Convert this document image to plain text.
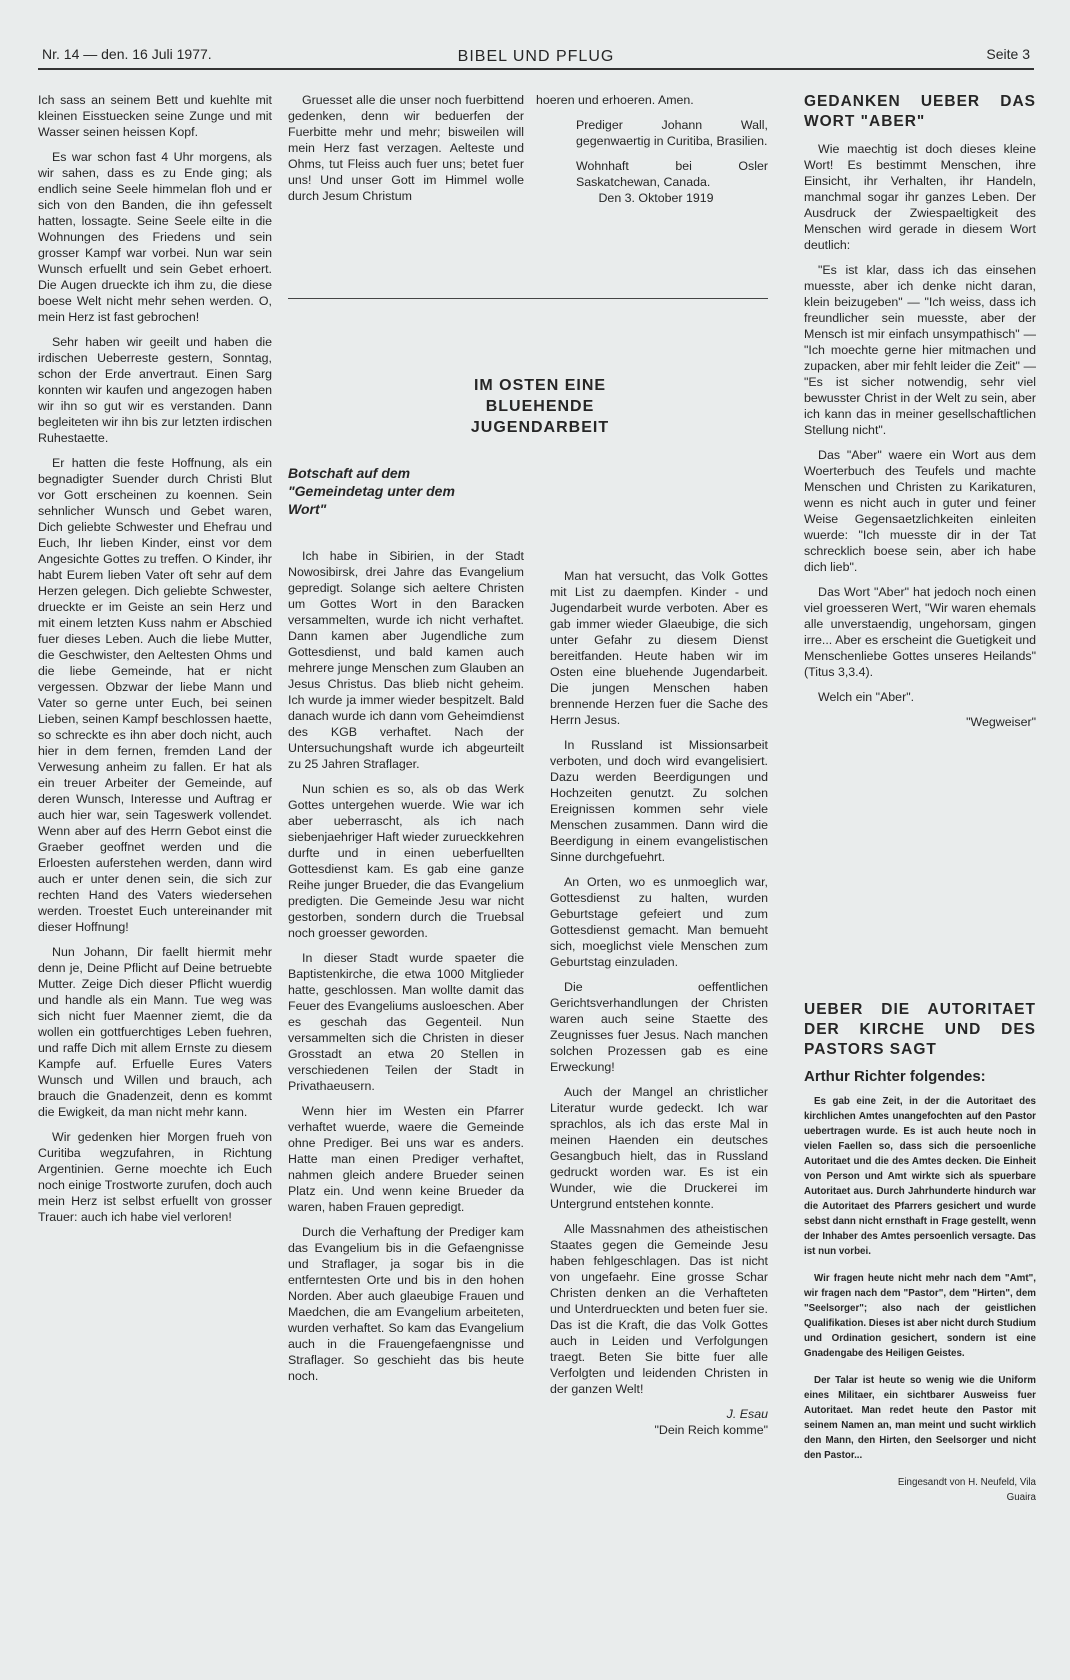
Nr. 14 — den. 16 Juli 1977.	BIBEL UND PFLUG	Seite 3

Ich sass an seinem Bett und kuehlte mit kleinen Eisstuecken seine Zunge und mit Wasser seinen heissen Kopf.

Es war schon fast 4 Uhr morgens, als wir sahen, dass es zu Ende ging; als endlich seine Seele himmelan floh und er sich von den Banden, die ihn gefesselt hatten, lossagte. Seine Seele eilte in die Wohnungen des Friedens und sein grosser Kampf war vorbei. Nun war sein Wunsch erfuellt und sein Gebet erhoert. Die Augen drueckte ich ihm zu, die diese boese Welt nicht mehr sehen werden. O, mein Herz ist fast gebrochen!

Sehr haben wir geeilt und haben die irdischen Ueberreste gestern, Sonntag, schon der Erde anvertraut. Einen Sarg konnten wir kaufen und angezogen haben wir ihn so gut wir es verstanden. Dann begleiteten wir ihn bis zur letzten irdischen Ruhestaette.

Er hatten die feste Hoffnung, als ein begnadigter Suender durch Christi Blut vor Gott erscheinen zu koennen. Sein sehnlicher Wunsch und Gebet waren, Dich geliebte Schwester und Ehefrau und Euch, Ihr lieben Kinder, einst vor dem Angesichte Gottes zu treffen. O Kinder, ihr habt Eurem lieben Vater oft sehr auf dem Herzen gelegen. Dich geliebte Schwester, drueckte er im Geiste an sein Herz und mit einem letzten Kuss nahm er Abschied fuer dieses Leben. Auch die liebe Mutter, die Geschwister, den Aeltesten Ohms und die liebe Gemeinde, hat er nicht vergessen. Obzwar der liebe Mann und Vater so gerne unter Euch, bei seinen Lieben, seinen Kampf beschlossen haette, so schreckte es ihn aber doch nicht, auch hier in dem fernen, fremden Land der Verwesung anheim zu fallen. Er hat als ein treuer Arbeiter der Gemeinde, auf deren Wunsch, Interesse und Auftrag er auch hier war, sein Tageswerk vollendet. Wenn aber auf des Herrn Gebot einst die Graeber geoffnet werden und die Erloesten auferstehen werden, dann wird auch er unter denen sein, die sich zur rechten Hand des Vaters wiedersehen werden. Troestet Euch untereinander mit dieser Hoffnung!

Nun Johann, Dir faellt hiermit mehr denn je, Deine Pflicht auf Deine betruebte Mutter. Zeige Dich dieser Pflicht wuerdig und handle als ein Mann. Tue weg was sich nicht fuer Maenner ziemt, die da wollen ein gottfuerchtiges Leben fuehren, und raffe Dich mit allem Ernste zu diesem Kampfe auf. Erfuelle Eures Vaters Wunsch und Willen und brauch, ach brauch die Gnadenzeit, denn es kommt die Ewigkeit, da man nicht mehr kann.

Wir gedenken hier Morgen frueh von Curitiba wegzufahren, in Richtung Argentinien. Gerne moechte ich Euch noch einige Trostworte zurufen, doch auch mein Herz ist selbst erfuellt von grosser Trauer: auch ich habe viel verloren!

Gruesset alle die unser noch fuerbittend gedenken, denn wir beduerfen der Fuerbitte mehr und mehr; bisweilen will mein Herz fast verzagen. Aelteste und Ohms, tut Fleiss auch fuer uns; betet fuer uns! Und unser Gott im Himmel wolle durch Jesum Christum

hoeren und erhoeren. Amen.

Prediger Johann Wall, gegenwaertig in Curitiba, Brasilien.

Wohnhaft bei Osler Saskatchewan, Canada.

Den 3. Oktober 1919

IM OSTEN EINE BLUEHENDE JUGENDARBEIT
Botschaft auf dem "Gemeindetag unter dem Wort"

Ich habe in Sibirien, in der Stadt Nowosibirsk, drei Jahre das Evangelium gepredigt. Solange sich aeltere Christen um Gottes Wort in den Baracken versammelten, wurde ich nicht verhaftet. Dann kamen aber Jugendliche zum Gottesdienst, und bald kamen auch mehrere junge Menschen zum Glauben an Jesus Christus. Das blieb nicht geheim. Ich wurde ja immer wieder bespitzelt. Bald danach wurde ich dann vom Geheimdienst des KGB verhaftet. Nach der Untersuchungshaft wurde ich abgeurteilt zu 25 Jahren Straflager.

Nun schien es so, als ob das Werk Gottes untergehen wuerde. Wie war ich aber ueberrascht, als ich nach siebenjaehriger Haft wieder zurueckkehren durfte und in einen ueberfuellten Gottesdienst kam. Es gab eine ganze Reihe junger Brueder, die das Evangelium predigten. Die Gemeinde Jesu war nicht gestorben, sondern durch die Truebsal noch groesser geworden.

In dieser Stadt wurde spaeter die Baptistenkirche, die etwa 1000 Mitglieder hatte, geschlossen. Man wollte damit das Feuer des Evangeliums ausloeschen. Aber es geschah das Gegenteil. Nun versammelten sich die Christen in dieser Grosstadt an etwa 20 Stellen in verschiedenen Teilen der Stadt in Privathaeusern.

Wenn hier im Westen ein Pfarrer verhaftet wuerde, waere die Gemeinde ohne Prediger. Bei uns war es anders. Hatte man einen Prediger verhaftet, nahmen gleich andere Brueder seinen Platz ein. Und wenn keine Brueder da waren, haben Frauen gepredigt.

Durch die Verhaftung der Prediger kam das Evangelium bis in die Gefaengnisse und Straflager, ja sogar bis in die entferntesten Orte und bis in den hohen Norden. Aber auch glaeubige Frauen und Maedchen, die am Evangelium arbeiteten, wurden verhaftet. So kam das Evangelium auch in die Frauengefaengnisse und Straflager. So geschieht das bis heute noch.

Man hat versucht, das Volk Gottes mit List zu daempfen. Kinder - und Jugendarbeit wurde verboten. Aber es gab immer wieder Glaeubige, die sich unter Gefahr zu diesem Dienst bereitfanden. Heute haben wir im Osten eine bluehende Jugendarbeit. Die jungen Menschen haben brennende Herzen fuer die Sache des Herrn Jesus.

In Russland ist Missionsarbeit verboten, und doch wird evangelisiert. Dazu werden Beerdigungen und Hochzeiten genutzt. Zu solchen Ereignissen kommen sehr viele Menschen zusammen. Dann wird die Beerdigung in einem evangelistischen Sinne durchgefuehrt.

An Orten, wo es unmoeglich war, Gottesdienst zu halten, wurden Geburtstage gefeiert und zum Gottesdienst gemacht. Man bemueht sich, moeglichst viele Menschen zum Geburtstag einzuladen.

Die oeffentlichen Gerichtsverhandlungen der Christen waren auch seine Staette des Zeugnisses fuer Jesus. Nach manchen solchen Prozessen gab es eine Erweckung!

Auch der Mangel an christlicher Literatur wurde gedeckt. Ich war sprachlos, als ich das erste Mal in meinen Haenden ein deutsches Gesangbuch hielt, das in Russland gedruckt worden war. Es ist ein Wunder, wie die Druckerei im Untergrund entstehen konnte.

Alle Massnahmen des atheistischen Staates gegen die Gemeinde Jesu haben fehlgeschlagen. Das ist nicht von ungefaehr. Eine grosse Schar Christen denken an die Verhafteten und Unterdrueckten und beten fuer sie. Das ist die Kraft, die das Volk Gottes auch in Leiden und Verfolgungen traegt. Beten Sie bitte fuer alle Verfolgten und leidenden Christen in der ganzen Welt!

J. Esau

"Dein Reich komme"

GEDANKEN UEBER DAS WORT "ABER"

Wie maechtig ist doch dieses kleine Wort! Es bestimmt Menschen, ihre Einsicht, ihr Verhalten, ihr Handeln, manchmal sogar ihr ganzes Leben. Der Ausdruck der Zwiespaeltigkeit des Menschen wird gerade in diesem Wort deutlich:

"Es ist klar, dass ich das einsehen muesste, aber ich denke nicht daran, klein beizugeben" — "Ich weiss, dass ich freundlicher sein muesste, aber der Mensch ist mir einfach unsympathisch" — "Ich moechte gerne hier mitmachen und zupacken, aber mir fehlt leider die Zeit" — "Es ist sicher notwendig, sehr viel bewusster Christ in der Welt zu sein, aber ich kann das in meiner gesellschaftlichen Stellung nicht".

Das "Aber" waere ein Wort aus dem Woerterbuch des Teufels und machte Menschen und Christen zu Karikaturen, wenn es nicht auch in guter und feiner Weise Gegensaetzlichkeiten einleiten wuerde: "Ich muesste dir in der Tat schrecklich boese sein, aber ich habe dich lieb".

Das Wort "Aber" hat jedoch noch einen viel groesseren Wert, "Wir waren ehemals alle unverstaendig, ungehorsam, gingen irre... Aber es erscheint die Guetigkeit und Menschenliebe Gottes unseres Heilands" (Titus 3,3.4).

Welch ein "Aber".

"Wegweiser"

UEBER DIE AUTORITAET DER KIRCHE UND DES PASTORS SAGT

Arthur Richter folgendes:

Es gab eine Zeit, in der die Autoritaet des kirchlichen Amtes unangefochten auf den Pastor uebertragen wurde. Es ist auch heute noch in vielen Faellen so, dass sich die persoenliche Autoritaet und die des Amtes decken. Die Einheit von Person und Amt wirkte sich als spuerbare Autoritaet aus. Durch Jahrhunderte hindurch war die Autoritaet des Pfarrers gesichert und wurde sebst dann nicht ernsthaft in Frage gestellt, wenn der Inhaber des Amtes persoenlich versagte. Das ist nun vorbei.

Wir fragen heute nicht mehr nach dem "Amt", wir fragen nach dem "Pastor", dem "Hirten", dem "Seelsorger"; also nach der geistlichen Qualifikation. Dieses ist aber nicht durch Studium und Ordination gesichert, sondern ist eine Gnadengabe des Heiligen Geistes.

Der Talar ist heute so wenig wie die Uniform eines Militaer, ein sichtbarer Ausweiss fuer Autoritaet. Man redet heute den Pastor mit seinem Namen an, man meint und sucht wirklich den Mann, den Hirten, den Seelsorger und nicht den Pastor...

Eingesandt von H. Neufeld, Vila Guaira
